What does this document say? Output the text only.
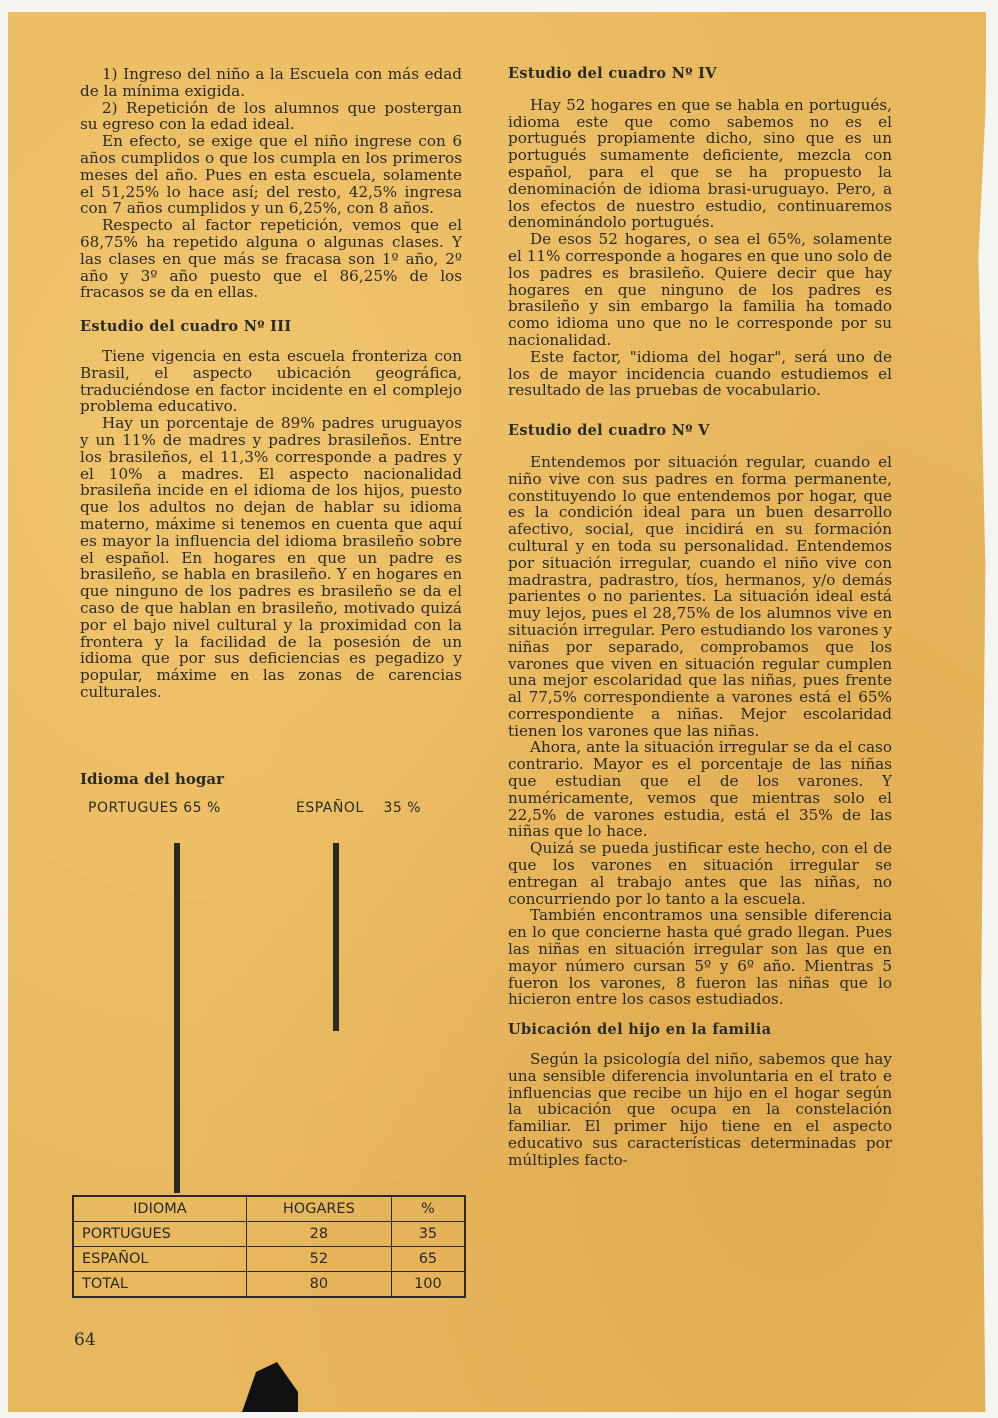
1) Ingreso del niño a la Escuela con más edad de la mínima exigida.

2) Repetición de los alumnos que postergan su egreso con la edad ideal.

En efecto, se exige que el niño ingrese con 6 años cumplidos o que los cumpla en los primeros meses del año. Pues en esta escuela, solamente el 51,25% lo hace así; del resto, 42,5% ingresa con 7 años cumplidos y un 6,25%, con 8 años.

Respecto al factor repetición, vemos que el 68,75% ha repetido alguna o algunas clases. Y las clases en que más se fracasa son 1º año, 2º año y 3º año puesto que el 86,25% de los fracasos se da en ellas.

Estudio del cuadro Nº III

Tiene vigencia en esta escuela fronteriza con Brasil, el aspecto ubicación geográfica, traduciéndose en factor incidente en el complejo problema educativo.

Hay un porcentaje de 89% padres uruguayos y un 11% de madres y padres brasileños. Entre los brasileños, el 11,3% corresponde a padres y el 10% a madres. El aspecto nacionalidad brasileña incide en el idioma de los hijos, puesto que los adultos no dejan de hablar su idioma materno, máxime si tenemos en cuenta que aquí es mayor la influencia del idioma brasileño sobre el español. En hogares en que un padre es brasileño, se habla en brasileño. Y en hogares en que ninguno de los padres es brasileño se da el caso de que hablan en brasileño, motivado quizá por el bajo nivel cultural y la proximidad con la frontera y la facilidad de la posesión de un idioma que por sus deficiencias es pegadizo y popular, máxime en las zonas de carencias culturales.

Idioma del hogar
PORTUGUES 65 %	ESPAÑOL    35 %
IDIOMA	HOGARES	%
PORTUGUES	28	35
ESPAÑOL	52	65
TOTAL	80	100
Estudio del cuadro Nº IV

Hay 52 hogares en que se habla en portugués, idioma este que como sabemos no es el portugués propiamente dicho, sino que es un portugués sumamente deficiente, mezcla con español, para el que se ha propuesto la denominación de idioma brasi-uruguayo. Pero, a los efectos de nuestro estudio, continuaremos denominándolo portugués.

De esos 52 hogares, o sea el 65%, solamente el 11% corresponde a hogares en que uno solo de los padres es brasileño. Quiere decir que hay hogares en que ninguno de los padres es brasileño y sin embargo la familia ha tomado como idioma uno que no le corresponde por su nacionalidad.

Este factor, "idioma del hogar", será uno de los de mayor incidencia cuando estudiemos el resultado de las pruebas de vocabulario.

Estudio del cuadro Nº V

Entendemos por situación regular, cuando el niño vive con sus padres en forma permanente, constituyendo lo que entendemos por hogar, que es la condición ideal para un buen desarrollo afectivo, social, que incidirá en su formación cultural y en toda su personalidad. Entendemos por situación irregular, cuando el niño vive con madrastra, padrastro, tíos, hermanos, y/o demás parientes o no parientes. La situación ideal está muy lejos, pues el 28,75% de los alumnos vive en situación irregular. Pero estudiando los varones y niñas por separado, comprobamos que los varones que viven en situación regular cumplen una mejor escolaridad que las niñas, pues frente al 77,5% correspondiente a varones está el 65% correspondiente a niñas. Mejor escolaridad tienen los varones que las niñas.

Ahora, ante la situación irregular se da el caso contrario. Mayor es el porcentaje de las niñas que estudian que el de los varones. Y numéricamente, vemos que mientras solo el 22,5% de varones estudia, está el 35% de las niñas que lo hace.

Quizá se pueda justificar este hecho, con el de que los varones en situación irregular se entregan al trabajo antes que las niñas, no concurriendo por lo tanto a la escuela.

También encontramos una sensible diferencia en lo que concierne hasta qué grado llegan. Pues las niñas en situación irregular son las que en mayor número cursan 5º y 6º año. Mientras 5 fueron los varones, 8 fueron las niñas que lo hicieron entre los casos estudiados.

Ubicación del hijo en la familia

Según la psicología del niño, sabemos que hay una sensible diferencia involuntaria en el trato e influencias que recibe un hijo en el hogar según la ubicación que ocupa en la constelación familiar. El primer hijo tiene en el aspecto educativo sus características determinadas por múltiples facto-

64
